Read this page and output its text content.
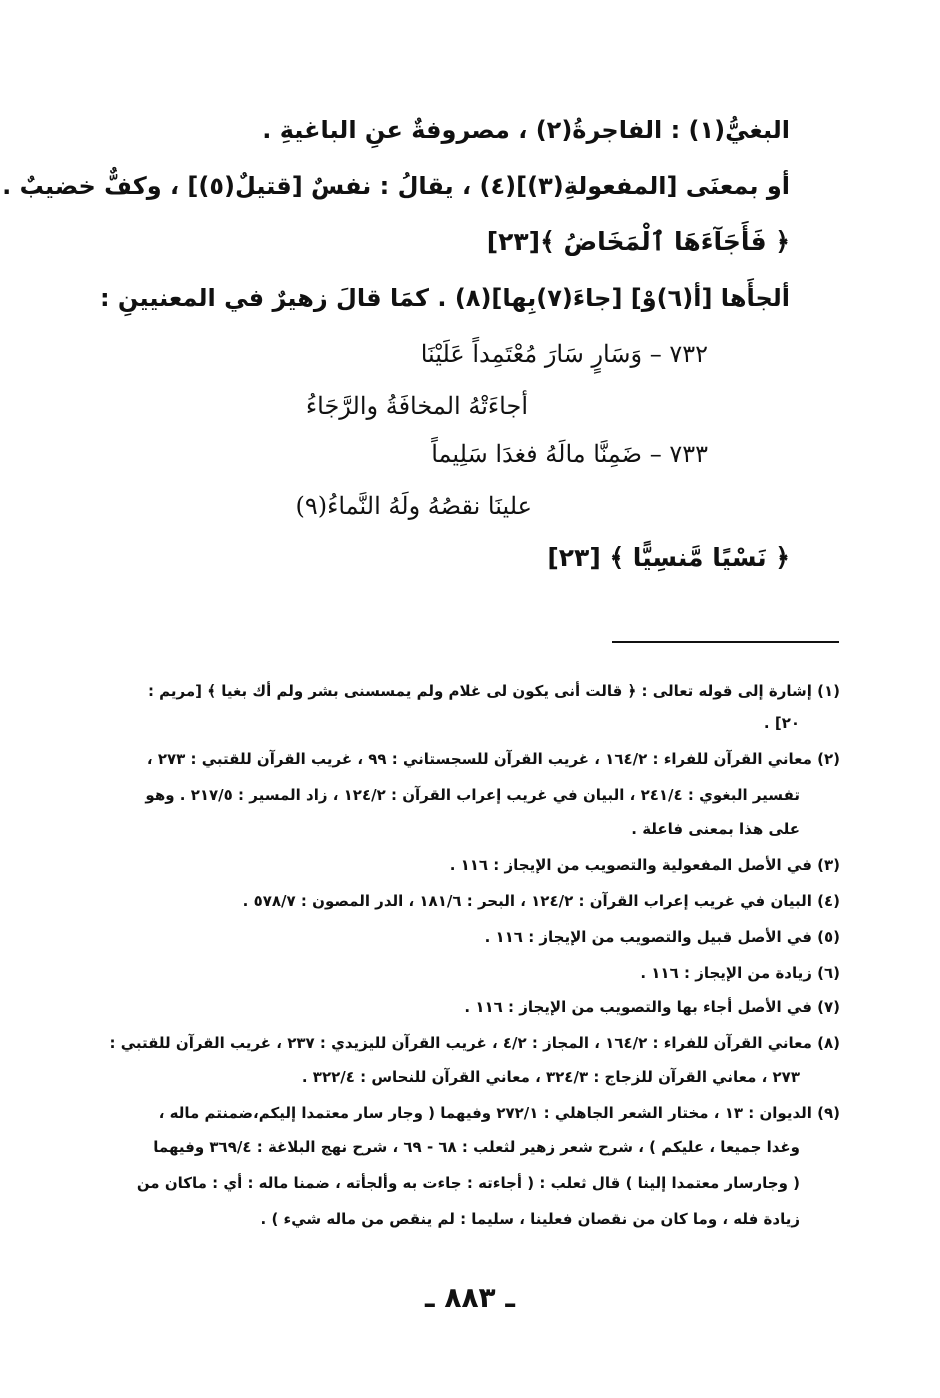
البغيُّ(١) : الفاجرةُ(٢) ، مصروفةٌ عنِ الباغيةِ .
أو بمعنَى [المفعولةِ(٣)](٤) ، يقالُ : نفسٌ [قتيلٌ(٥)] ، وكفٌّ خضيبٌ .
﴿ فَأَجَآءَهَا ٱلْمَخَاضُ ﴾[٢٣]
ألجأَها [أ(٦)وْ] [جاءَ(٧)بِها](٨) . كمَا قالَ زهيرٌ في المعنيينِ :
٧٣٢ – وَسَارٍ سَارَ مُعْتَمِداً عَلَيْنَا
أجاءَتْهُ المخافَةُ والرَّجَاءُ
٧٣٣ – ضَمِنَّا مالَهُ فغدَا سَلِيماً
علينَا نقصُهُ ولَهُ النَّماءُ(٩)
﴿ نَسْيًا مَّنسِيًّا ﴾ [٢٣]
(١) إشارة إلى قوله تعالى : ﴿ قالت أنى يكون لى غلام ولم يمسسنى بشر ولم أك بغيا ﴾ [مريم :
٢٠] .
(٢) معاني القرآن للفراء : ١٦٤/٢ ، غريب القرآن للسجستاني : ٩٩ ، غريب القرآن للقتبي : ٢٧٣ ،
تفسير البغوي : ٢٤١/٤ ، البيان في غريب إعراب القرآن : ١٢٤/٢ ، زاد المسير : ٢١٧/٥ . وهو
على هذا بمعنى فاعلة .
(٣) في الأصل المفعولية والتصويب من الإيجاز : ١١٦ .
(٤) البيان في غريب إعراب القرآن : ١٢٤/٢ ، البحر : ١٨١/٦ ، الدر المصون : ٥٧٨/٧ .
(٥) في الأصل قبيل والتصويب من الإيجاز : ١١٦ .
(٦) زيادة من الإيجاز : ١١٦ .
(٧) في الأصل أجاء بها والتصويب من الإيجاز : ١١٦ .
(٨) معاني القرآن للفراء : ١٦٤/٢ ، المجاز : ٤/٢ ، غريب القرآن لليزيدي : ٢٣٧ ، غريب القرآن للقتبي :
٢٧٣ ، معاني القرآن للزجاج : ٣٢٤/٣ ، معاني القرآن للنحاس : ٣٢٢/٤ .
(٩) الديوان : ١٣ ، مختار الشعر الجاهلي : ٢٧٢/١ وفيهما ( وجار سار معتمدا إليكم،ضمنتم ماله ،
وغدا جميعا ، عليكم ) ، شرح شعر زهير لثعلب : ٦٨ - ٦٩ ، شرح نهج البلاغة : ٣٦٩/٤ وفيهما
( وجارسار معتمدا إلينا ) قال ثعلب : ( أجاءته : جاءت به وألجأته ، ضمنا ماله : أي : ماكان من
زيادة فله ، وما كان من نقصان فعلينا ، سليما : لم ينقص من ماله شيء ) .
ـ ٨٨٣ ـ
